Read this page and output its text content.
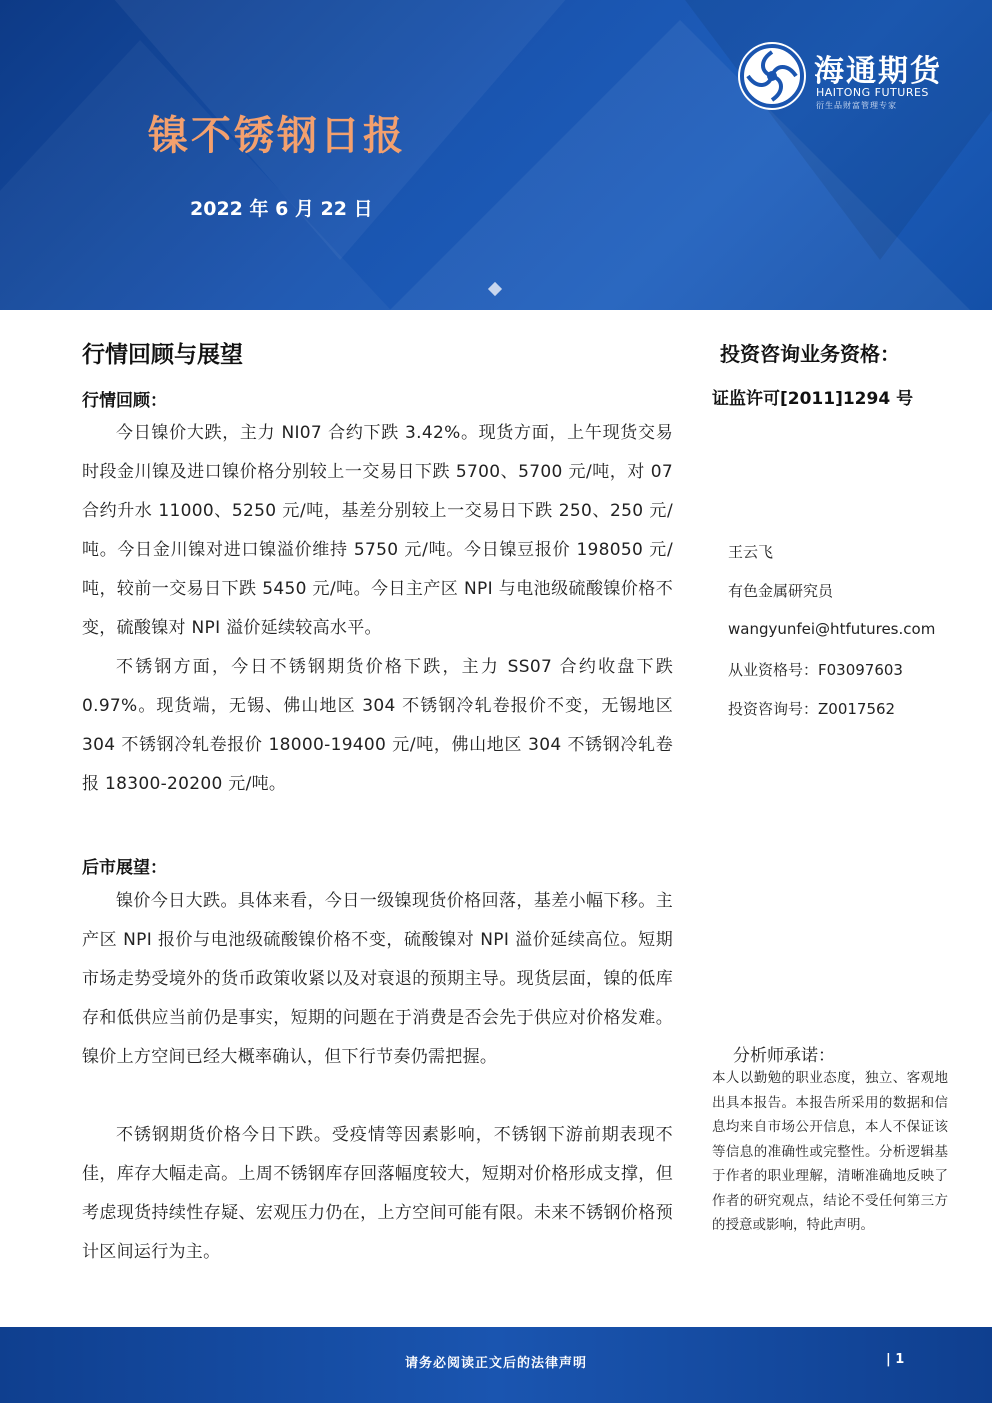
镍不锈钢日报
2022 年 6 月 22 日
海通期货
HAITONG FUTURES
衍生品财富管理专家
行情回顾与展望
行情回顾：
今日镍价大跌，主力 NI07 合约下跌 3.42%。现货方面，上午现货交易时段金川镍及进口镍价格分别较上一交易日下跌 5700、5700 元/吨，对 07 合约升水 11000、5250 元/吨，基差分别较上一交易日下跌 250、250 元/吨。今日金川镍对进口镍溢价维持 5750 元/吨。今日镍豆报价 198050 元/吨，较前一交易日下跌 5450 元/吨。今日主产区 NPI 与电池级硫酸镍价格不变，硫酸镍对 NPI 溢价延续较高水平。
不锈钢方面，今日不锈钢期货价格下跌，主力 SS07 合约收盘下跌 0.97%。现货端，无锡、佛山地区 304 不锈钢冷轧卷报价不变，无锡地区 304 不锈钢冷轧卷报价 18000-19400 元/吨，佛山地区 304 不锈钢冷轧卷报 18300-20200 元/吨。
后市展望：
镍价今日大跌。具体来看，今日一级镍现货价格回落，基差小幅下移。主产区 NPI 报价与电池级硫酸镍价格不变，硫酸镍对 NPI 溢价延续高位。短期市场走势受境外的货币政策收紧以及对衰退的预期主导。现货层面，镍的低库存和低供应当前仍是事实，短期的问题在于消费是否会先于供应对价格发难。镍价上方空间已经大概率确认，但下行节奏仍需把握。
不锈钢期货价格今日下跌。受疫情等因素影响，不锈钢下游前期表现不佳，库存大幅走高。上周不锈钢库存回落幅度较大，短期对价格形成支撑，但考虑现货持续性存疑、宏观压力仍在，上方空间可能有限。未来不锈钢价格预计区间运行为主。
投资咨询业务资格：
证监许可[2011]1294 号
王云飞
有色金属研究员
wangyunfei@htfutures.com
从业资格号：F03097603
投资咨询号：Z0017562
分析师承诺：
本人以勤勉的职业态度，独立、客观地出具本报告。本报告所采用的数据和信息均来自市场公开信息，本人不保证该等信息的准确性或完整性。分析逻辑基于作者的职业理解，清晰准确地反映了作者的研究观点，结论不受任何第三方的授意或影响，特此声明。
请务必阅读正文后的法律声明	| 1
